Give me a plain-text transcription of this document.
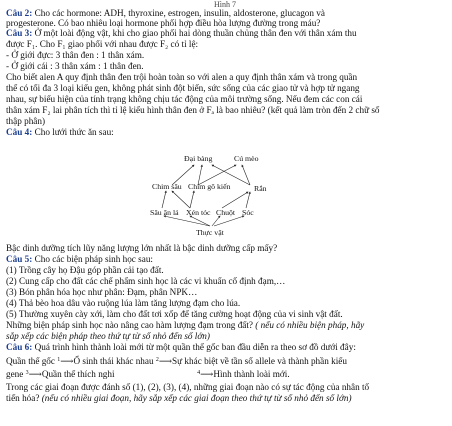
Hình 7
Câu 2: Cho các hormone: ADH, thyroxine, estrogen, insulin, aldosterone, glucagon và
progesterone. Có bao nhiêu loại hormone phối hợp điều hòa lượng đường trong máu?
Câu 3: Ở một loài động vật, khi cho giao phối hai dòng thuần chủng thân đen với thân xám thu
được F₁. Cho F₁ giao phối với nhau được F₂ có tỉ lệ:
- Ở giới đực: 3 thân đen : 1 thân xám.
- Ở giới cái : 3 thân xám : 1 thân đen.
Cho biết alen A quy định thân đen trội hoàn toàn so với alen a quy định thân xám và trong quần
thể có tối đa 3 loại kiểu gen, không phát sinh đột biến, sức sống của các giao tử và hợp tử ngang
nhau, sự biểu hiện của tính trạng không chịu tác động của môi trường sống. Nếu đem các con cái
thân xám F₂ lai phân tích thì tỉ lệ kiểu hình thân đen ở Fₐ là bao nhiêu? (kết quả làm tròn đến 2 chữ số
thập phân)
Câu 4: Cho lưới thức ăn sau:
Đại bàng	Cú mèo
Chim sâu Chim gõ kiến	Rắn
Sâu ăn lá Xén tóc Chuột Sóc
Thực vật
Bậc dinh dưỡng tích lũy năng lượng lớn nhất là bậc dinh dưỡng cấp mấy?
Câu 5: Cho các biện pháp sinh học sau:
(1) Trồng cây họ Đậu góp phần cải tạo đất.
(2) Cung cấp cho đất các chế phẩm sinh học là các vi khuẩn cố định đạm,…
(3) Bón phân hóa học như phân: Đạm, phân NPK…
(4) Thả bèo hoa dâu vào ruộng lúa làm tăng lượng đạm cho lúa.
(5) Thường xuyên cày xới, làm cho đất tơi xốp để tăng cường hoạt động của vi sinh vật đất.
Những biện pháp sinh học nào nâng cao hàm lượng đạm trong đất? ( nếu có nhiều biện pháp, hãy
sắp xếp các biện pháp theo thứ tự từ số nhỏ đến số lớn)
Câu 6: Quá trình hình thành loài mới từ một quần thể gốc ban đầu diễn ra theo sơ đồ dưới đây:
Quần thể gốc $^1$⟶Ổ sinh thái khác nhau $^2$⟶Sự khác biệt về tần số allele và thành phần kiểu
gene $^3$⟶Quần thể thích nghi	$^4$⟶Hình thành loài mới.
Trong các giai đoạn được đánh số (1), (2), (3), (4), những giai đoạn nào có sự tác động của nhân tố
tiến hóa? (nếu có nhiều giai đoạn, hãy sắp xếp các giai đoạn theo thứ tự từ số nhỏ đến số lớn)
